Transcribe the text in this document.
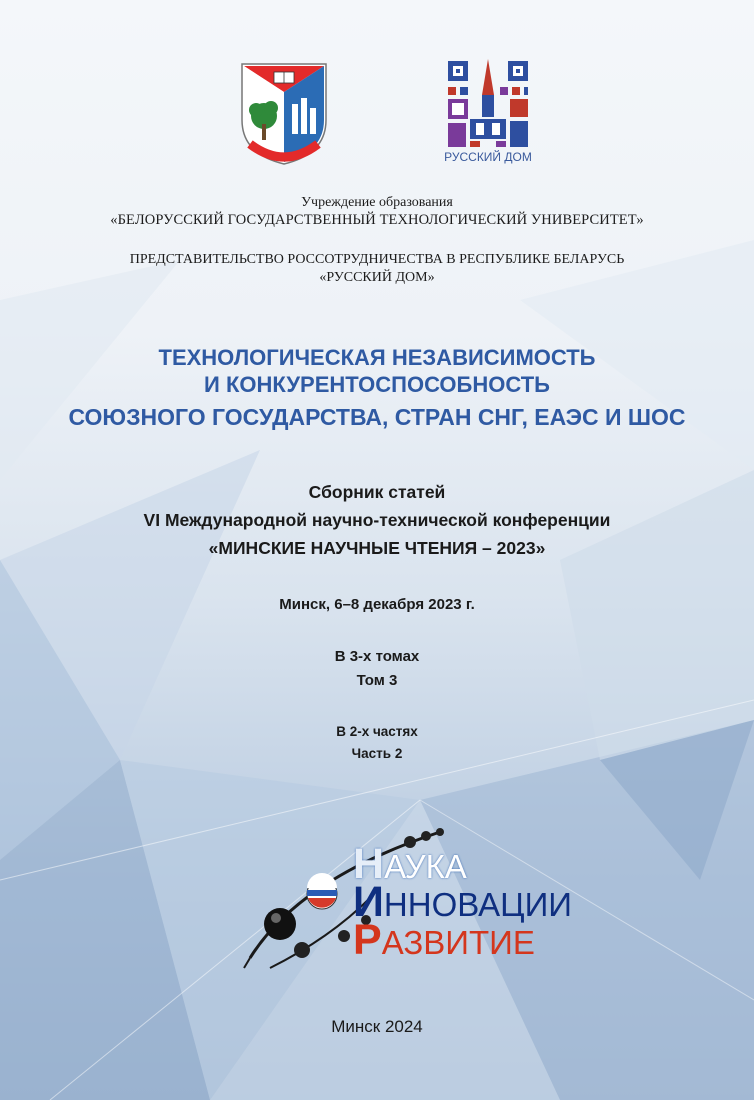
РУССКИЙ ДОМ
Учреждение образования
«БЕЛОРУССКИЙ ГОСУДАРСТВЕННЫЙ ТЕХНОЛОГИЧЕСКИЙ УНИВЕРСИТЕТ»
ПРЕДСТАВИТЕЛЬСТВО РОССОТРУДНИЧЕСТВА В РЕСПУБЛИКЕ БЕЛАРУСЬ
«РУССКИЙ ДОМ»
ТЕХНОЛОГИЧЕСКАЯ НЕЗАВИСИМОСТЬ
И КОНКУРЕНТОСПОСОБНОСТЬ
СОЮЗНОГО ГОСУДАРСТВА, СТРАН СНГ, ЕАЭС И ШОС
Сборник статей
VI Международной научно-технической конференции
«МИНСКИЕ НАУЧНЫЕ ЧТЕНИЯ – 2023»
Минск, 6–8 декабря 2023 г.
В 3-х томах
Том 3
В 2-х частях
Часть 2
НАУКА
ИННОВАЦИИ
РАЗВИТИЕ
Минск 2024
